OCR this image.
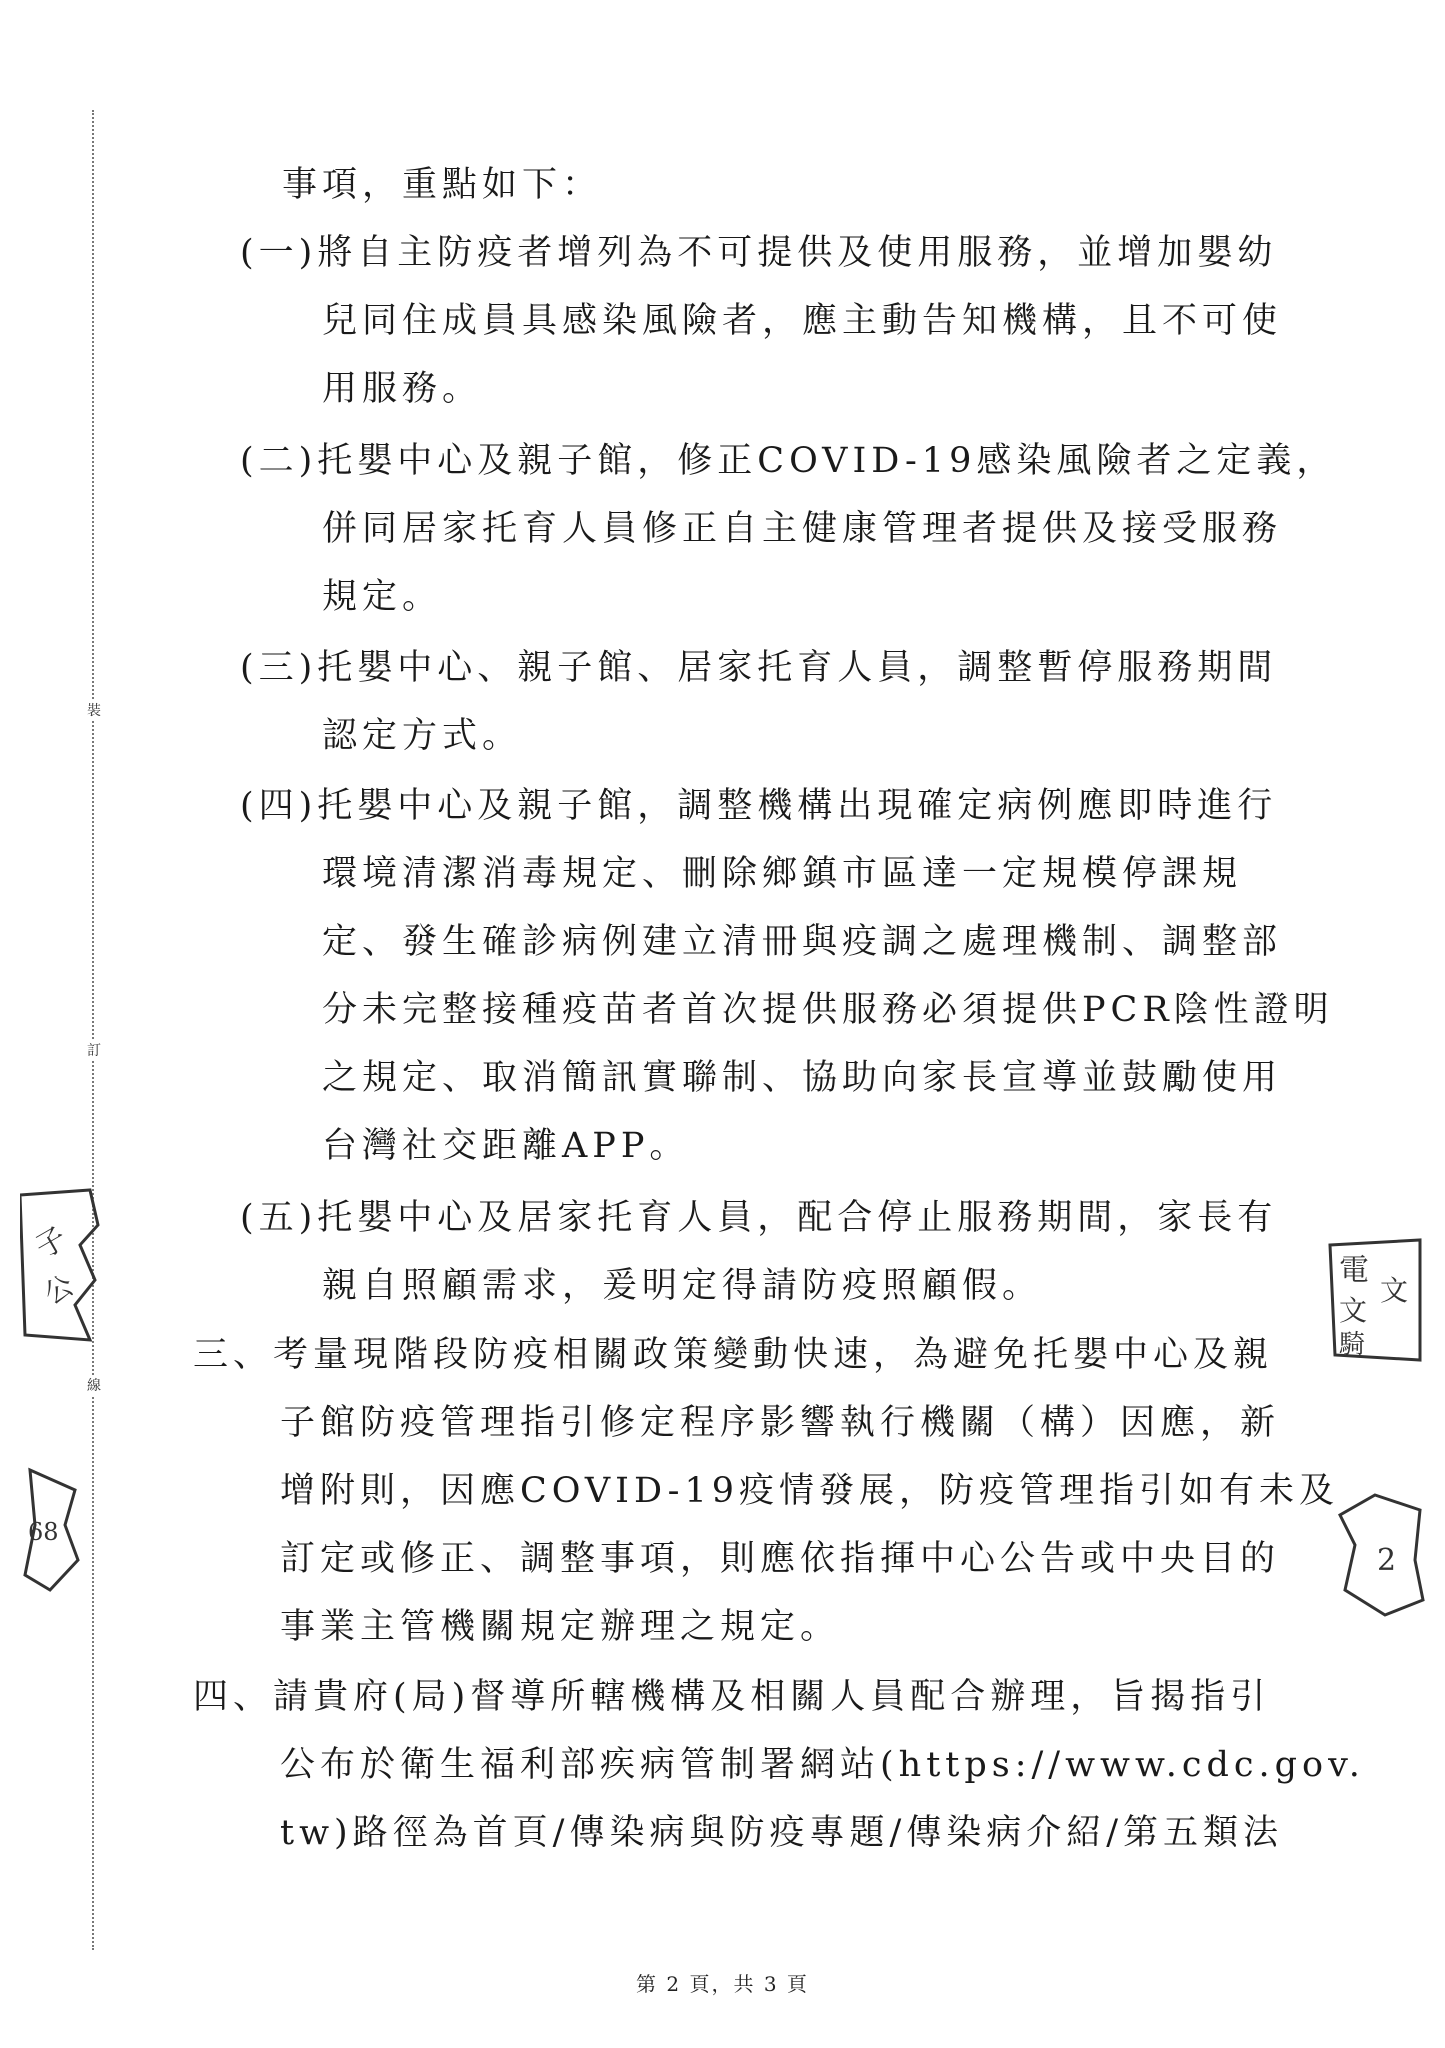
裝
訂
線
子
公
68
電
文
文
騎
2
事項，重點如下：
(一)將自主防疫者增列為不可提供及使用服務，並增加嬰幼
兒同住成員具感染風險者，應主動告知機構，且不可使
用服務。
(二)托嬰中心及親子館，修正COVID-19感染風險者之定義，
併同居家托育人員修正自主健康管理者提供及接受服務
規定。
(三)托嬰中心、親子館、居家托育人員，調整暫停服務期間
認定方式。
(四)托嬰中心及親子館，調整機構出現確定病例應即時進行
環境清潔消毒規定、刪除鄉鎮市區達一定規模停課規
定、發生確診病例建立清冊與疫調之處理機制、調整部
分未完整接種疫苗者首次提供服務必須提供PCR陰性證明
之規定、取消簡訊實聯制、協助向家長宣導並鼓勵使用
台灣社交距離APP。
(五)托嬰中心及居家托育人員，配合停止服務期間，家長有
親自照顧需求，爰明定得請防疫照顧假。
三、考量現階段防疫相關政策變動快速，為避免托嬰中心及親
子館防疫管理指引修定程序影響執行機關（構）因應，新
增附則，因應COVID-19疫情發展，防疫管理指引如有未及
訂定或修正、調整事項，則應依指揮中心公告或中央目的
事業主管機關規定辦理之規定。
四、請貴府(局)督導所轄機構及相關人員配合辦理，旨揭指引
公布於衛生福利部疾病管制署網站(https://www.cdc.gov.
tw)路徑為首頁/傳染病與防疫專題/傳染病介紹/第五類法
第 2 頁，共 3 頁
